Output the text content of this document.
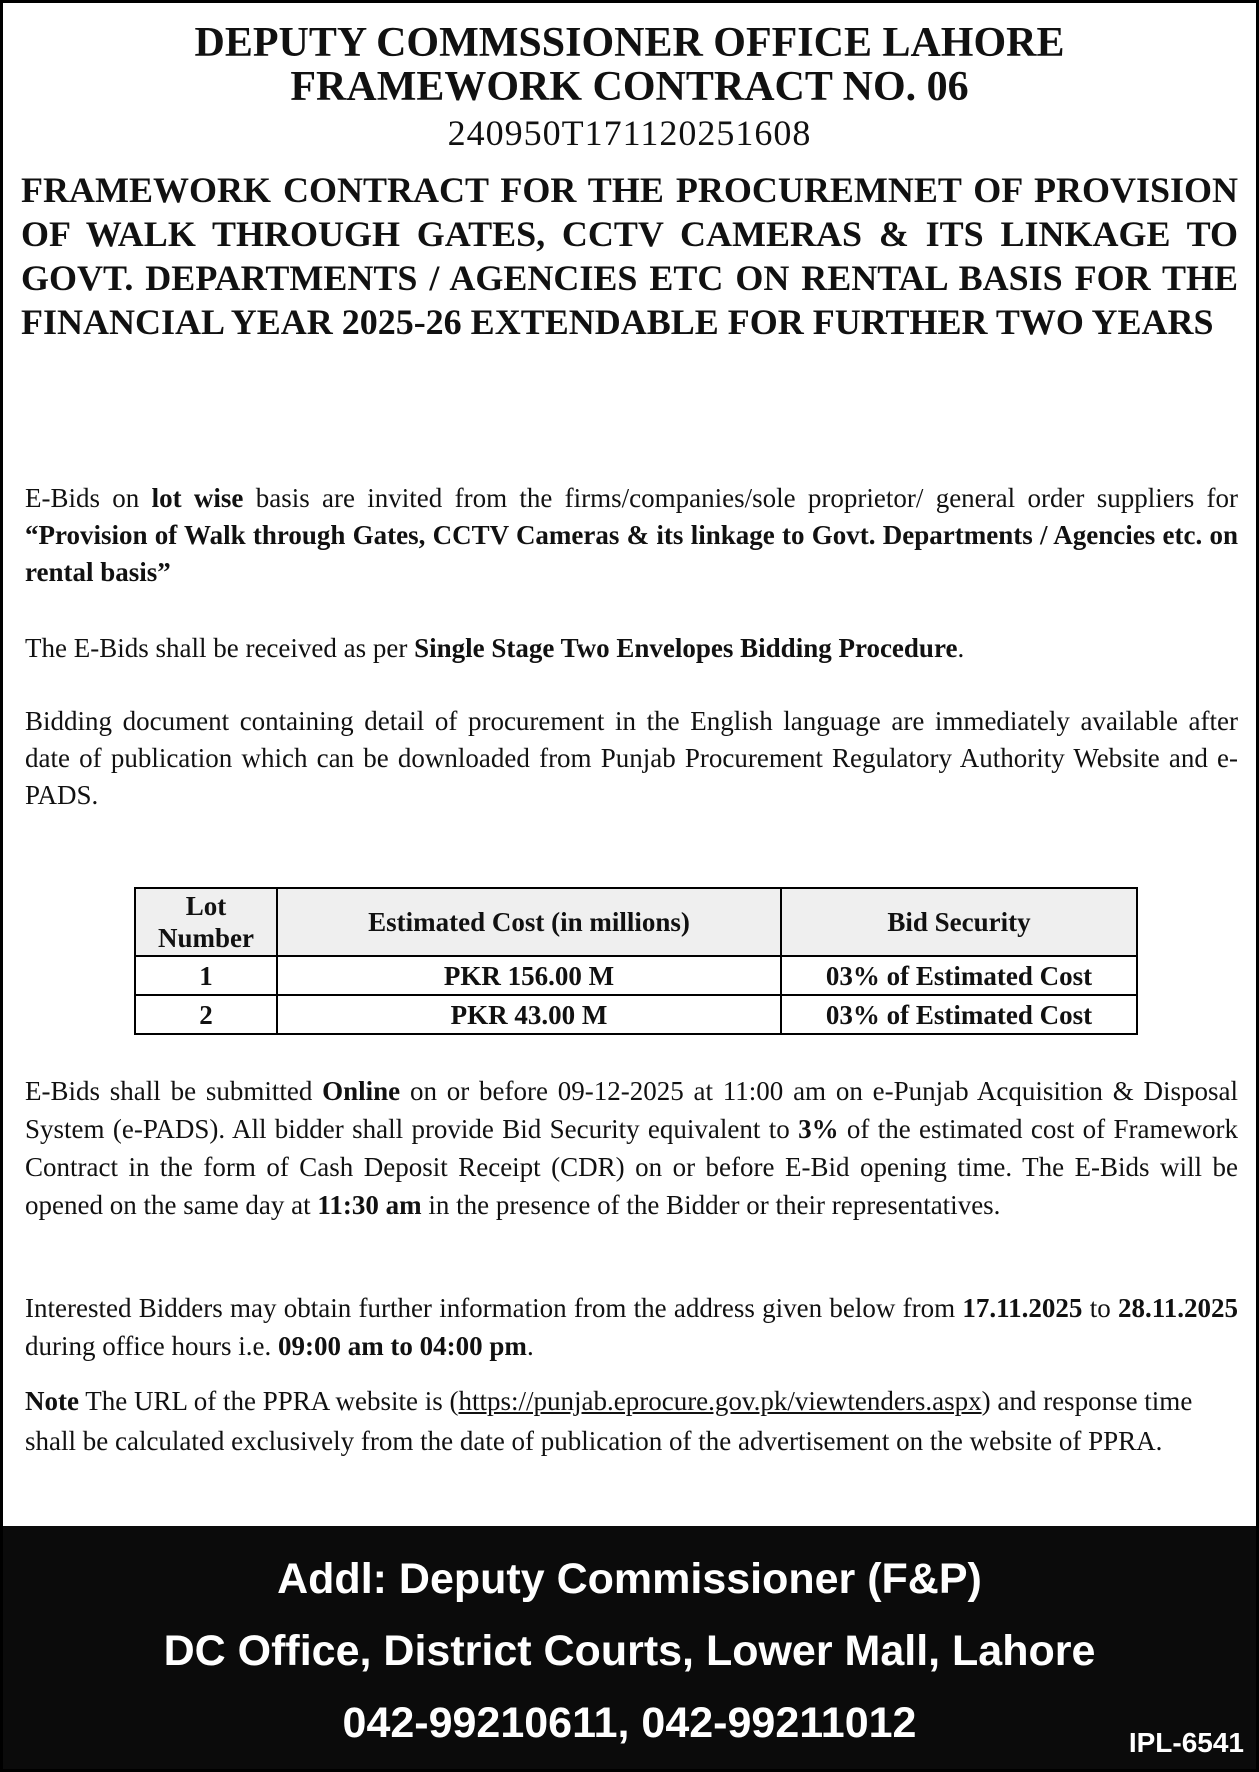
DEPUTY COMMSSIONER OFFICE LAHORE
FRAMEWORK CONTRACT NO. 06
240950T171120251608
FRAMEWORK CONTRACT FOR THE PROCUREMNET OF PROVISION OF WALK THROUGH GATES, CCTV CAMERAS & ITS LINKAGE TO GOVT. DEPARTMENTS / AGENCIES ETC ON RENTAL BASIS FOR THE FINANCIAL YEAR 2025-26 EXTENDABLE FOR FURTHER TWO YEARS
E-Bids on lot wise basis are invited from the firms/companies/sole proprietor/ general order suppliers for “Provision of Walk through Gates, CCTV Cameras & its linkage to Govt. Departments / Agencies etc. on rental basis”
The E-Bids shall be received as per Single Stage Two Envelopes Bidding Procedure.
Bidding document containing detail of procurement in the English language are immediately available after date of publication which can be downloaded from Punjab Procurement Regulatory Authority Website and e-PADS.
Lot Number	Estimated Cost (in millions)	Bid Security
1	PKR 156.00 M	03% of Estimated Cost
2	PKR 43.00 M	03% of Estimated Cost
E-Bids shall be submitted Online on or before 09-12-2025 at 11:00 am on e-Punjab Acquisition & Disposal System (e-PADS). All bidder shall provide Bid Security equivalent to 3% of the estimated cost of Framework Contract in the form of Cash Deposit Receipt (CDR) on or before E-Bid opening time. The E-Bids will be opened on the same day at 11:30 am in the presence of the Bidder or their representatives.
Interested Bidders may obtain further information from the address given below from 17.11.2025 to 28.11.2025 during office hours i.e. 09:00 am to 04:00 pm.
Note The URL of the PPRA website is (https://punjab.eprocure.gov.pk/viewtenders.aspx) and response time shall be calculated exclusively from the date of publication of the advertisement on the website of PPRA.
Addl: Deputy Commissioner (F&P)
DC Office, District Courts, Lower Mall, Lahore
042-99210611, 042-99211012	IPL-6541
